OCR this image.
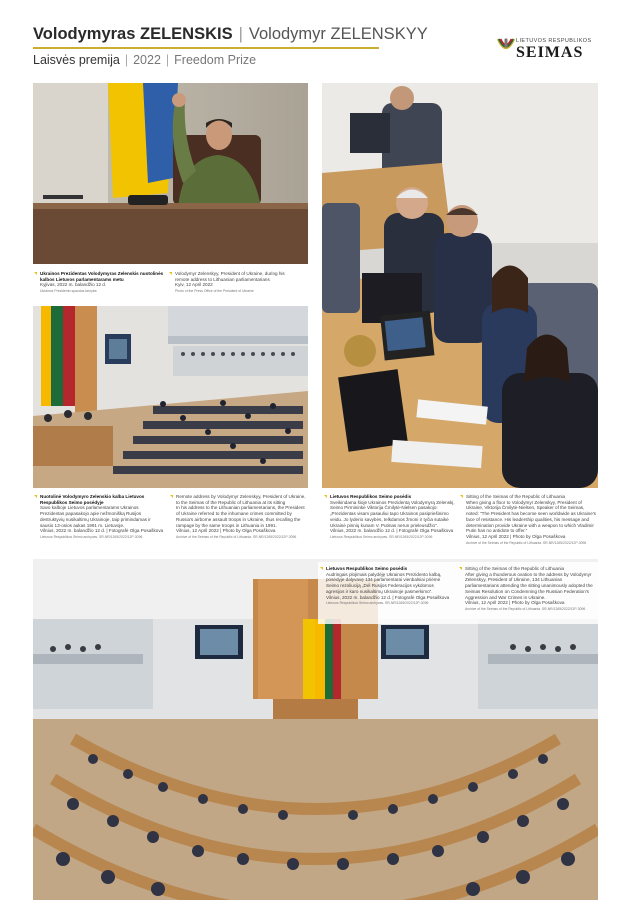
Volodymyras ZELENSKIS | Volodymyr ZELENSKYY
Laisvės premija | 2022 | Freedom Prize
LIETUVOS RESPUBLIKOS
SEIMAS
Ukrainos Prezidentas Volodymyras Zelenskis nuotolinės kalbos Lietuvos parlamentarams metu
Kyjivas, 2022 m. balandžio 12 d.
Ukrainos Prezidento spaudos tarnyba
Volodymyr Zelenskyy, President of Ukraine, during his remote address to Lithuanian parliamentarians
Kyiv, 12 April 2022
Photo of the Press Office of the President of Ukraine
Nuotolinė Volodymyro Zelenskio kalba Lietuvos Respublikos Seimo posėdyje
Savo kalboje Lietuvos parlamentarams Ukrainos Prezidentas papasakojo apie nežmonišką Rusijos destruktyvių nusikaltimų Ukrainoje, taip primindamas ir sausio 13-osios aukas 1991 m. Lietuvoje.
Vilnius, 2022 m. balandžio 12 d. | Fotografė Olga Posaškova
Lietuvos Respublikos Seimo archyvas. SR-NR/1265/2022/12P-3096
Remote address by Volodymyr Zelenskyy, President of Ukraine, to the Seimas of the Republic of Lithuania at its sitting
In his address to the Lithuanian parliamentarians, the President of Ukraine referred to the inhumane crimes committed by Russia's airborne assault troops in Ukraine, thus recalling the rampage by the same troops in Lithuania in 1991.
Vilnius, 12 April 2022 | Photo by Olga Posaškova
Archive of the Seimas of the Republic of Lithuania. SR-NR/1265/2022/12P-3096
Lietuvos Respublikos Seimo posėdis
Sveikindama šioje Ukrainos Prezidentą Volodymyrą Zelenskį, Seimo Pirmininkė Viktorija Čmilytė-Nielsen pasakojo: „Prezidentas visam pasauliui tapo Ukrainos pasipriešinimo veidu. Jo lyderio savybės, telkdamos žmoni ir tyčia sutaikė Ukrainė pinnių kunam V. Putinas nerun prieleusdžio".
Vilnius, 2022 m. balandžio 12 d. | Fotografė Olga Posaškova
Lietuvos Respublikos Seimo archyvas. SR-NR/1265/2022/12P-3096
Sitting of the Seimas of the Republic of Lithuania
When giving a floor to Volodymyr Zelenskyy, President of Ukraine, Viktorija Čmilytė-Nielsen, Speaker of the Seimas, noted: "The President has become seen worldwide as Ukraine's face of resistance. His leadership qualities, his message and determination provide Ukraine with a weapon to which Vladimir Putin has no antidote to offer."
Vilnius, 12 April 2022 | Photo by Olga Posaškova
Archive of the Seimas of the Republic of Lithuania. SR-NR/1265/2022/12P-3096
Lietuvos Respublikos Seimo posėdis
Audringais plojimais palydėję Ukrainos Prezidento kalbą, posėdyje dalyvavę 134 parlamentarai vienbalsiai priėmė Seimo rezoliuciją „Dėl Rusijos Federacijos vykdomos agresijos ir karo nusikaltimų Ukrainoje pasmerkimo".
Vilnius, 2022 m. balandžio 12 d. | Fotografė Olga Posaškova
Lietuvos Respublikos Seimo archyvas. SR-NR/1265/2022/12P-3096
Sitting of the Seimas of the Republic of Lithuania
After giving a thunderous ovation to the address by Volodymyr Zelenskyy, President of Ukraine, 134 Lithuanian parliamentarians attending the sitting unanimously adopted the Seimas Resolution on Condemning the Russian Federation's Aggression and War Crimes in Ukraine.
Vilnius, 12 April 2022 | Photo by Olga Posaškova
Archive of the Seimas of the Republic of Lithuania. SR-NR/1265/2022/12P-3096
